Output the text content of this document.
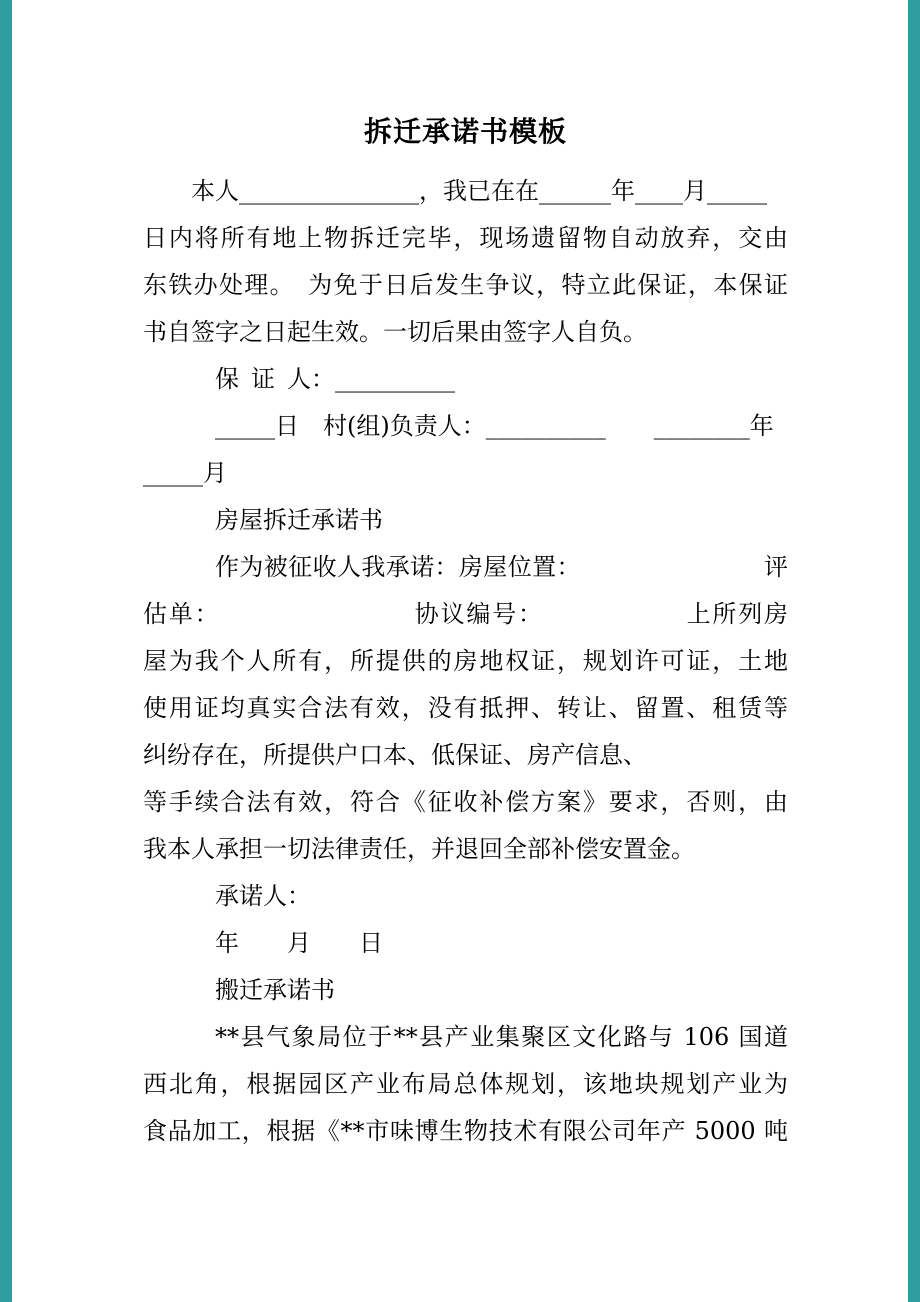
拆迁承诺书模板
本人_______________，我已在在______年____月_____
日内将所有地上物拆迁完毕，现场遗留物自动放弃，交由
东铁办处理。　为免于日后发生争议，特立此保证，本保证
书自签字之日起生效。一切后果由签字人自负。
保 证 人：__________
_____日　村(组)负责人：__________　　________年
_____月
房屋拆迁承诺书
作为被征收人我承诺：房屋位置：　　　　　　　　评
估单：　　　　　　　　协议编号：　　　　　　上所列房
屋为我个人所有，所提供的房地权证，规划许可证，土地
使用证均真实合法有效，没有抵押、转让、留置、租赁等
纠纷存在，所提供户口本、低保证、房产信息、
等手续合法有效，符合《征收补偿方案》要求，否则，由
我本人承担一切法律责任，并退回全部补偿安置金。
承诺人：
年　　月　　日
搬迁承诺书
**县气象局位于**县产业集聚区文化路与 106 国道
西北角，根据园区产业布局总体规划，该地块规划产业为
食品加工，根据《**市味博生物技术有限公司年产 5000 吨
